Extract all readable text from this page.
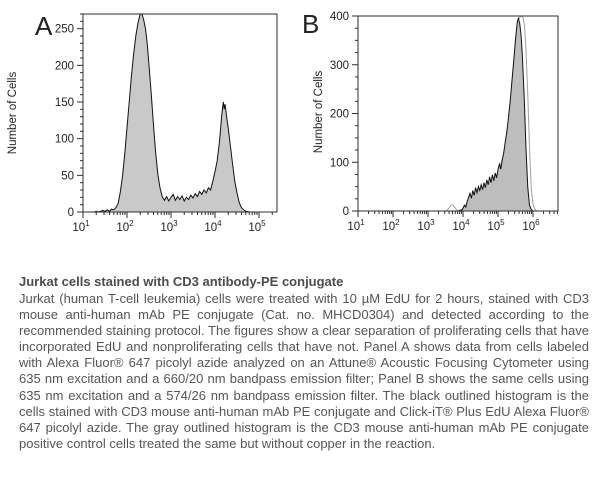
0
50
100
150
200
250
$10^1$ $10^2$ $10^3$ $10^4$ $10^5$
A
Number of Cells
0
100
200
300
400
$10^1$ $10^2$ $10^3$ $10^4$ $10^5$ $10^6$
B
Number of Cells

Jurkat cells stained with CD3 antibody-PE conjugate

Jurkat (human T-cell leukemia) cells were treated with 10 µM EdU for 2 hours, stained with CD3 mouse anti-human mAb PE conjugate (Cat. no. MHCD0304) and detected according to the recommended staining protocol. The figures show a clear separation of proliferating cells that have incorporated EdU and nonproliferating cells that have not. Panel A shows data from cells labeled with Alexa Fluor® 647 picolyl azide analyzed on an Attune® Acoustic Focusing Cytometer using 635 nm excitation and a 660/20 nm bandpass emission filter; Panel B shows the same cells using 635 nm excitation and a 574/26 nm bandpass emission filter. The black outlined histogram is the cells stained with CD3 mouse anti-human mAb PE conjugate and Click-iT® Plus EdU Alexa Fluor® 647 picolyl azide. The gray outlined histogram is the CD3 mouse anti-human mAb PE conjugate positive control cells treated the same but without copper in the reaction.
